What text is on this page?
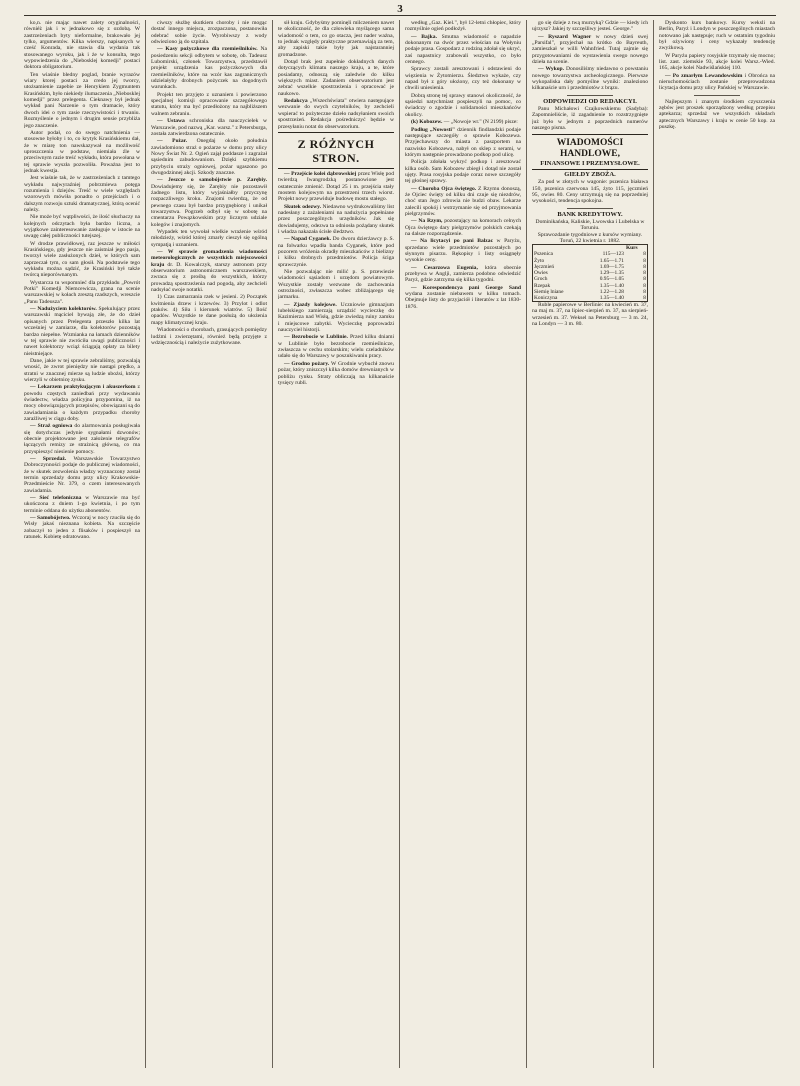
3

ko,n. nie mając nawet zalety oryginalności, równiéż jak i w jednakowo się z ozdobą. W zastrzeżeniach byty nieformalne, brakowało jej tylko, argumentów. Kilka wierszy, napisanych w cześć Konrada, nie stawia dla wydania tak stosowanego wyroku, jak i że w konsulta, tego wypowiedzenia do „Niebosklej komedji" postaci doktora obligatorium.

Ten wiaśnie bledny poglad, branie wyrazów wiary ktorej postaci za credo jej tworcy, utożsamienie zapebie ze Henrykiem Zygmuntem Krasińskim, było niekiedy ilumaczenia „Niebosklej komedji" przez prelegenta. Cieknawy był jednak wykład pani Narzenie o tym dramacie, który dwoch idei o tym zasie rzeczywistości i trwaniu. Rozmyślenie o jednym i drugim sensie przybliża jego znaczenie.

Autor podał, co do swego natchnienia — stosowne byłoby i to, co krytyk Krasińskiemu dał, że w miarę ton nawskazywał na możliwość uproszczenia w podstaw, niemiała źle w przeciwnym razie treść wykładu, która powołana w tej sprawie wyszła pozwoliła. Poważna jest to jednak kwestja.

Jest wiaśnie tak, że w zastrzeżeniach z tamtego wykładu najwyraźniej pobrzmiewa potęga rozumienia i dziejów. Treść w wiele względach wzorowych mówiła ponadto o przejściach i o dalszym rozwoju sztuki dramatycznej, którą ocenić należy.

Nie może być wątpliwości, że ilość słuchaczy na kolejnych odczytach była bardzo liczna, a wyjątkowe zainteresowanie zasługuje w istocie na uwagę całej publiczności tutejszej.

W drodze prawidłowej, raz jeszcze w miłości Krasińskiego, gdy jeszcze nie zaistniał jego pasja, tworzył wiele zasłużonych dzieł, w których sam zaprzeczał tym, co sam głosił. Na podstawie tego wykładu można sądzić, że Krasiński był także twórcą nieporównanym.

Wystarcza tu wspomnieć dla przykładu „Powrót Potki" Komedji Niemcewicza, grana na scenie warszawskiej w kołach zresztą rzadszych, wreszcie „Panu Tadeusza".

— Nadużyciem kolektorów. Spekulujący przez warszawski mąciciel bywają złe, że do dzieł opisanych przez Prelegenta przeszło kilka lat wcześniej w zamiarze, dla kolektorów pozostają bardzo niepełne. Wzmianka na łamach dzienników w tej sprawie nie zwróciła uwagi publiczności i nawet kolektorzy wciąż ściągają opłaty za bilety nieistniejące.

Dane, jakie w tej sprawie zebraliśmy, pozwalają wnosić, że zwrot pieniędzy nie nastąpi prędko, a stratni w znacznej mierze są ludzie ubożsi, którzy wierzyli w obietnicę zysku.

— Lekarzem praktykującym i akuszerkom z powodu częstych zaniedbań przy wydawaniu świadectw, władza policyjna przypomina, iż na mocy obowiązujących przepisów, obowiązani są do zawiadamiania o każdym przypadku choroby zaraźliwej w ciągu doby.

— Straż ogniowa do alarmowania posługiwała się dotychczas jedynie sygnałami dzwonów; obecnie projektowane jest założenie telegrafów łączących remizy ze strażnicą główną, co ma przyspieszyć niesienie pomocy.

— Sprzedaż. Warszawskie Towarzystwo Dobroczynności podaje do publicznej wiadomości, że w skutek zezwolenia władzy wyznaczony został termin sprzedaży domu przy ulicy Krakowskie-Przedmieście Nr. 379, o czem interesowanych zawiadamia.

— Sieć telefoniczna w Warszawie ma być ukończona z dniem 1-go kwietnia, i po tym terminie oddana do użytku abonentów.

— Samobójstwo. Wczoraj w nocy rzuciła się do Wisły jakaś nieznana kobieta. Na szczęście zobaczył to jeden z flisaków i pospieszył na ratunek. Kobietę odratowano.

ciwszy służbę skutkiem choroby i nie mogąc dostać innego miejsca, zrozpaczona, postanowiła odebrać sobie życie. Wyrobiwszy z wody odwieziono ją do szpitala.

— Kasy pożyczkowe dla rzemieślników. Na posiedzeniu sekcji odbytem w sobotę, ob. Tadeusz Lubomirski, członek Towarzystwa, przedstawił projekt urządzenia kas pożyczkowych dla rzemieślników, które na wzór kas zagranicznych udzielałyby drobnych pożyczek na dogodnych warunkach.

Projekt ten przyjęto z uznaniem i powierzono specjalnej komisji opracowanie szczegółowego statutu, który ma być przedłożony na najbliższem walnem zebraniu.

— Ustawa schroniska dla nauczycielek w Warszawie, pod nazwą „Kar. warsz." z Petersburga, została zatwierdzona ostatecznie.

— Pożar. Onegdaj około południa zawiadomiono straż o pożarze w domu przy ulicy Nowy Świat Nr. 2. Ogień zajął poddasze i zagrażał sąsiednim zabudowaniom. Dzięki szybkiemu przybyciu straży ogniowej, pożar ugaszono po dwugodzinnej akcji. Szkody znaczne.

— Jeszcze o samobójstwie p. Zarębiy. Dowiadujemy się, że Zarębiy nie pozostawił żadnego listu, który wyjaśniałby przyczynę rozpaczliwego kroku. Znajomi twierdzą, że od pewnego czasu był bardzo przygnębiony i unikał towarzystwa. Pogrzeb odbył się w sobotę na cmentarzu Powązkowskim przy licznym udziale kolegów i znajomych.

Wypadek ten wywołał wielkie wrażenie wśród młodzieży, wśród której zmarły cieszył się ogólną sympatją i uznaniem.

— W sprawie gromadzenia wiadomości meteorologicznych ze wszystkich miejscowości kraju dr. D. Kowalczyk, starszy astronom przy obserwatorium astronomicznem warszawskiem, zwraca się z prośbą do wszystkich, którzy prowadzą spostrzeżenia nad pogodą, aby zechcieli nadsyłać swoje notatki.

1) Czas zamarzania rzek w jesieni. 2) Początek kwitnienia drzew i krzewów. 3) Przylot i odlot ptaków. 4) Siła i kierunek wiatrów. 5) Ilość opadów. Wszystkie te dane posłużą do ułożenia mapy klimatycznej kraju.

Wiadomości o chorobach, grasujących pomiędzy ludźmi i zwierzętami, również będą przyjęte z wdzięcznością i należycie zużytkowane.

sił kraju. Gdybyśmy pominęli milczeniem nawet te okoliczność, że dla człowieka myślącego sama wiadomość o tem, co go otacza, jest nader ważna, to jednak względy praktyczne przemawiają za tem, aby zapiski takie były jak najstaranniej gromadzone.

Dotąd brak jest zupełnie dokładnych danych dotyczących klimatu naszego kraju, a te, które posiadamy, odnoszą się zaledwie do kilku większych miast. Zadaniem obserwatorium jest zebrać wszelkie spostrzeżenia i opracować je naukowo.

Redakcya „Wszechświata" otwiera następujące wezwanie do swych czytelników, by zechcieli wspierać to pożyteczne dzieło nadsyłaniem swoich spostrzeżeń. Redakcja pośredniczyć będzie w przesyłaniu notat do obserwatorium.

Z RÓŻNYCH STRON.

— Przejście kolei dąbrowskiej przez Wisłę pod twierdzą Iwangrodzką postanowione jest ostatecznie zmienić. Dotąd 25 i m. przejścia stały mostem kolejowym na przestrzeni trzech wiorst. Projekt nowy przewiduje budowę mostu stałego.

Skutek odezwy. Niedawno wydrukowaliśmy list nadesłany z zażaleniami na nadużycia popełniane przez poszczególnych urzędników. Jak się dowiadujemy, odezwa ta odniosła pożądany skutek i władza nakazała ścisłe śledztwo.

— Napad Cyganek. Do dworu dzierżawcy p. S. na folwarku wpadła banda Cyganek, które pod pozorem wróżenia okradły mieszkańców z bielizny i kilku drobnych przedmiotów. Policja ściga sprawczynie.

Nie pozwalając nie milić p. S. przewiezie wiadomości sąsiadom i urzędom powiatowym. Wszystkie zostały wezwane do zachowania ostrożności, zwłaszcza wobec zbliżającego się jarmarku.

— Zjazdy kolejowe. Uczniowie gimnazjum lubelskiego zamierzają urządzić wycieczkę do Kazimierza nad Wisłą, gdzie zwiedzą ruiny zamku i miejscowe zabytki. Wycieczkę poprowadzi nauczyciel historji.

— Bezrobocie w Lublinie. Przed kilku dniami w Lublinie było bezrobocie rzemieślnicze, zwłaszcza w cechu stolarskim; wielu czeladników udało się do Warszawy w poszukiwaniu pracy.

— Grodno pożary. W Grodnie wybuchł znowu pożar, który zniszczył kilka domów drewnianych w pobliżu rynku. Straty obliczają na kilkanaście tysięcy rubli.

według „Gaz. Kiel.", był 12-letni chłopiec, który rozmyślnie ogień podłożył.

— Bajka. Smutna wiadomość o napadzie dokonanym na dwór przez włościan na Wołyniu podaje prasa. Gospodarz z rodziną zdołał się ukryć, zaś napastnicy zrabowali wszystko, co było cennego.

Sprawcy zostali aresztowani i odstawieni do więzienia w Żytomierzu. Śledztwo wykaże, czy napad był z góry ułożony, czy też dokonany w chwili uniesienia.

Dobrą stronę tej sprawy stanowi okoliczność, że sąsiedzi natychmiast pospieszyli na pomoc, co świadczy o zgodzie i solidarności mieszkańców okolicy.

(k) Kobozew. — „Nowoje wr." (N 2199) pisze:

Podług „Nowosti" dziennik findlandzki podaje następujące szczegóły o sprawie Kobozewa. Przyjechawszy do miasta z paszportem na nazwisko Kobozewa, nabył on sklep z serami, w którym następnie prowadzono podkop pod ulicę.

Policja zdołała wykryć podkop i aresztować kilka osób. Sam Kobozew zbiegł i dotąd nie został ujęty. Prasa rosyjska podaje coraz nowe szczegóły tej głośnej sprawy.

— Choroba Ojca świętego. Z Rzymu donoszą, że Ojciec święty od kilku dni czuje się niezdrów, choć stan Jego zdrowia nie budzi obaw. Lekarze zalecili spokój i wstrzymanie się od przyjmowania pielgrzymów.

— Na Rzym, pozostający na komorach celnych Ojca świętego dary pielgrzymów polskich czekają na dalsze rozporządzenie.

— Na licytacyi po pani Balzac w Paryżu, sprzedano wiele przedmiotów pozostałych po słynnym pisarzu. Rękopisy i listy osiągnęły wysokie ceny.

— Cesarzowa Eugenia, która obecnie przebywa w Anglji, zamierza podobno odwiedzić Paryż, gdzie zatrzyma się kilka tygodni.

— Korespondencya pani George Sand wydana zostanie niebawem w kilku tomach. Obejmuje listy do przyjaciół i literatów z lat 1830-1876.

go się dzieje z twą murzyką? Gdzie — kiedy ich ujrzysz? Jakiej ty szczęśliwy jesteś. George."

— Ryszard Wagner w nowy dzień swej „Parsifal", przyjechał na krótko do Bayreuth, zamieszkał w willi Wahnfried. Tutaj zajmie się przygotowaniami do wystawienia swego nowego dzieła na scenie.

— Wykop. Donosiliśmy niedawno o powstaniu nowego towarzystwa archeologicznego. Pierwsze wykopaliska dały pomyślne wyniki: znaleziono kilkanaście urn i przedmiotów z brązu.

ODPOWIEDZI OD REDAKCYI.

Panu Michałowi Czajkowskiemu (Sadyba): Zapomnieliście, iż zagadnienie to rozstrzygnięte już było w jednym z poprzednich numerów naszego pisma.

WIADOMOŚCI HANDLOWE,
FINANSOWE I PRZEMYSŁOWE.
GIEŁDY ZBOŻA.

Za pud w złotych w wagonie: pszenica biaława 150, pszenica czerwona 145, żyto 115, jęczmień 95, owies 80. Ceny utrzymują się na poprzedniej wysokości, tendencja spokojna.

BANK KREDYTOWY.
Dominikańska, Kaliskie, Lwowska i Lubelska w Toruniu.
Sprawozdanie tygodniowe z kursów wymiany. Toruń, 22 kwietnia r. 1882.
		Kurs
Pszenica	115—123	8
Żyto	1.65—1.71	8
Jęczmień	1.69—1.75	8
Owies	1.29—1.35	8
Groch	0.95—1.05	8
Rzepak	1.35—1.40	8
Siemię lniane	1.22—1.28	8
Koniczyna	1.35—1.40	8

Ruble papierowe w Berlinie: na kwiecień m. 37, na maj m. 37, na lipiec-sierpień m. 37, na sierpień-wrzesień m. 37. Weksel na Petersburg — 3 m. 24, na Londyn — 3 m. 80.

Dyskonto kurs bankowy. Kursy weksli na Berlin, Paryż i Londyn w poszczególnych miastach notowano jak następuje; ruch w ostatnim tygodniu był ożywiony i ceny wykazały tendencję zwyżkową.

W Paryżu papiery rosyjskie trzymały się mocno; list. zast. ziemskie 93, akcje kolei Warsz.-Wied. 165, akcje kolei Nadwiślańskiej 110.

— Po zmarłym Lewandowskim i Obrońca na nieruchomościach zostanie przeprowadzona licytacja domu przy ulicy Pańskiej w Warszawie.

Najlepszym i znanym środkiem czyszczenia zębów jest proszek sporządzony według przepisu aptekarza; sprzedaż we wszystkich składach aptecznych Warszawy i kraju w cenie 50 kop. za puszkę.
